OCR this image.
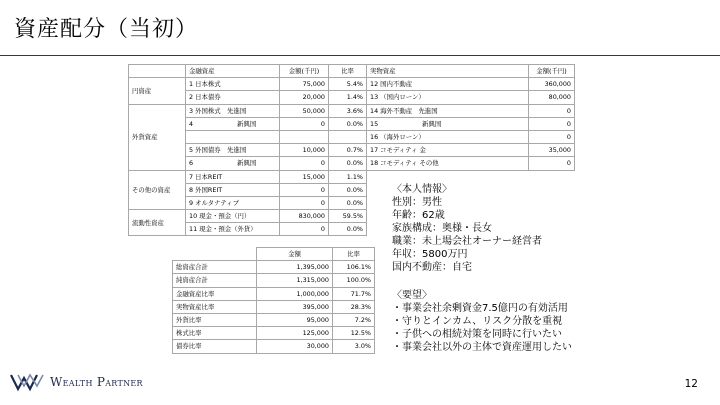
資産配分（当初）
	金融資産	金額(千円)	比率	実物資産	金額(千円)	
円資産	1 日本株式	75,000	5.4%	12 国内不動産	360,000	
	2 日本債券	20,000	1.4%	13 （国内ローン）	80,000	
外貨資産	3 外国株式　先進国	50,000	3.6%	14 海外不動産　先進国	0	
	4 新興国	0	0.0%	15 新興国	0	
				16 （海外ローン）	0	
	5 外国債券　先進国	10,000	0.7%	17 コモディティ 金	35,000	
	6 新興国	0	0.0%	18 コモディティ その他	0	
その他の資産	7 日本REIT	15,000	1.1%			
	8 外国REIT	0	0.0%			
	9 オルタナティブ	0	0.0%			
流動性資産	10 現金・預金（円）	830,000	59.5%			
	11 現金・預金（外貨）	0	0.0%			
	金額	比率
総資産合計	1,395,000	106.1%
純資産合計	1,315,000	100.0%
金融資産比率	1,000,000	71.7%
実物資産比率	395,000	28.3%
外貨比率	95,000	7.2%
株式比率	125,000	12.5%
債券比率	30,000	3.0%
〈本人情報〉
性別：男性
年齢：62歳
家族構成：奥様・長女
職業：未上場会社オーナー経営者
年収：5800万円
国内不動産：自宅
〈要望〉
・事業会社余剰資金7.5億円の有効活用
・守りとインカム、リスク分散を重視
・子供への相続対策を同時に行いたい
・事業会社以外の主体で資産運用したい
Wealth Partner	12
